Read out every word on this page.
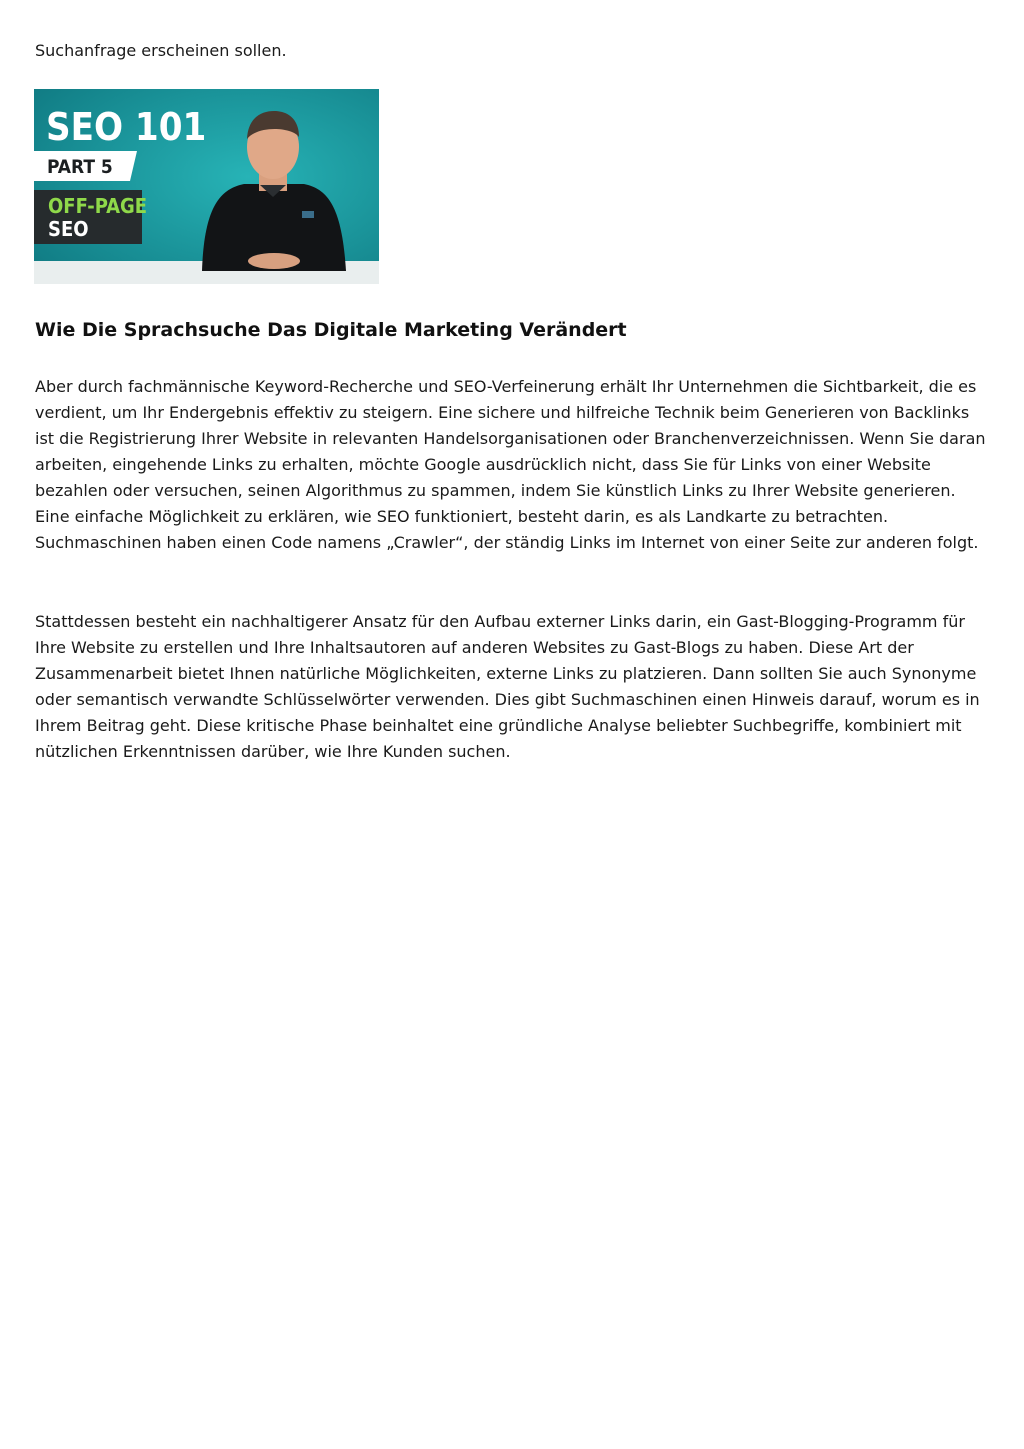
Suchanfrage erscheinen sollen.

SEO 101
PART 5
OFF-PAGE
SEO
Wie Die Sprachsuche Das Digitale Marketing Verändert

Aber durch fachmännische Keyword-Recherche und SEO-Verfeinerung erhält Ihr Unternehmen die Sichtbarkeit, die es verdient, um Ihr Endergebnis effektiv zu steigern. Eine sichere und hilfreiche Technik beim Generieren von Backlinks ist die Registrierung Ihrer Website in relevanten Handelsorganisationen oder Branchenverzeichnissen. Wenn Sie daran arbeiten, eingehende Links zu erhalten, möchte Google ausdrücklich nicht, dass Sie für Links von einer Website bezahlen oder versuchen, seinen Algorithmus zu spammen, indem Sie künstlich Links zu Ihrer Website generieren. Eine einfache Möglichkeit zu erklären, wie SEO funktioniert, besteht darin, es als Landkarte zu betrachten. Suchmaschinen haben einen Code namens „Crawler“, der ständig Links im Internet von einer Seite zur anderen folgt.

Stattdessen besteht ein nachhaltigerer Ansatz für den Aufbau externer Links darin, ein Gast-Blogging-Programm für Ihre Website zu erstellen und Ihre Inhaltsautoren auf anderen Websites zu Gast-Blogs zu haben. Diese Art der Zusammenarbeit bietet Ihnen natürliche Möglichkeiten, externe Links zu platzieren. Dann sollten Sie auch Synonyme oder semantisch verwandte Schlüsselwörter verwenden. Dies gibt Suchmaschinen einen Hinweis darauf, worum es in Ihrem Beitrag geht. Diese kritische Phase beinhaltet eine gründliche Analyse beliebter Suchbegriffe, kombiniert mit nützlichen Erkenntnissen darüber, wie Ihre Kunden suchen.
